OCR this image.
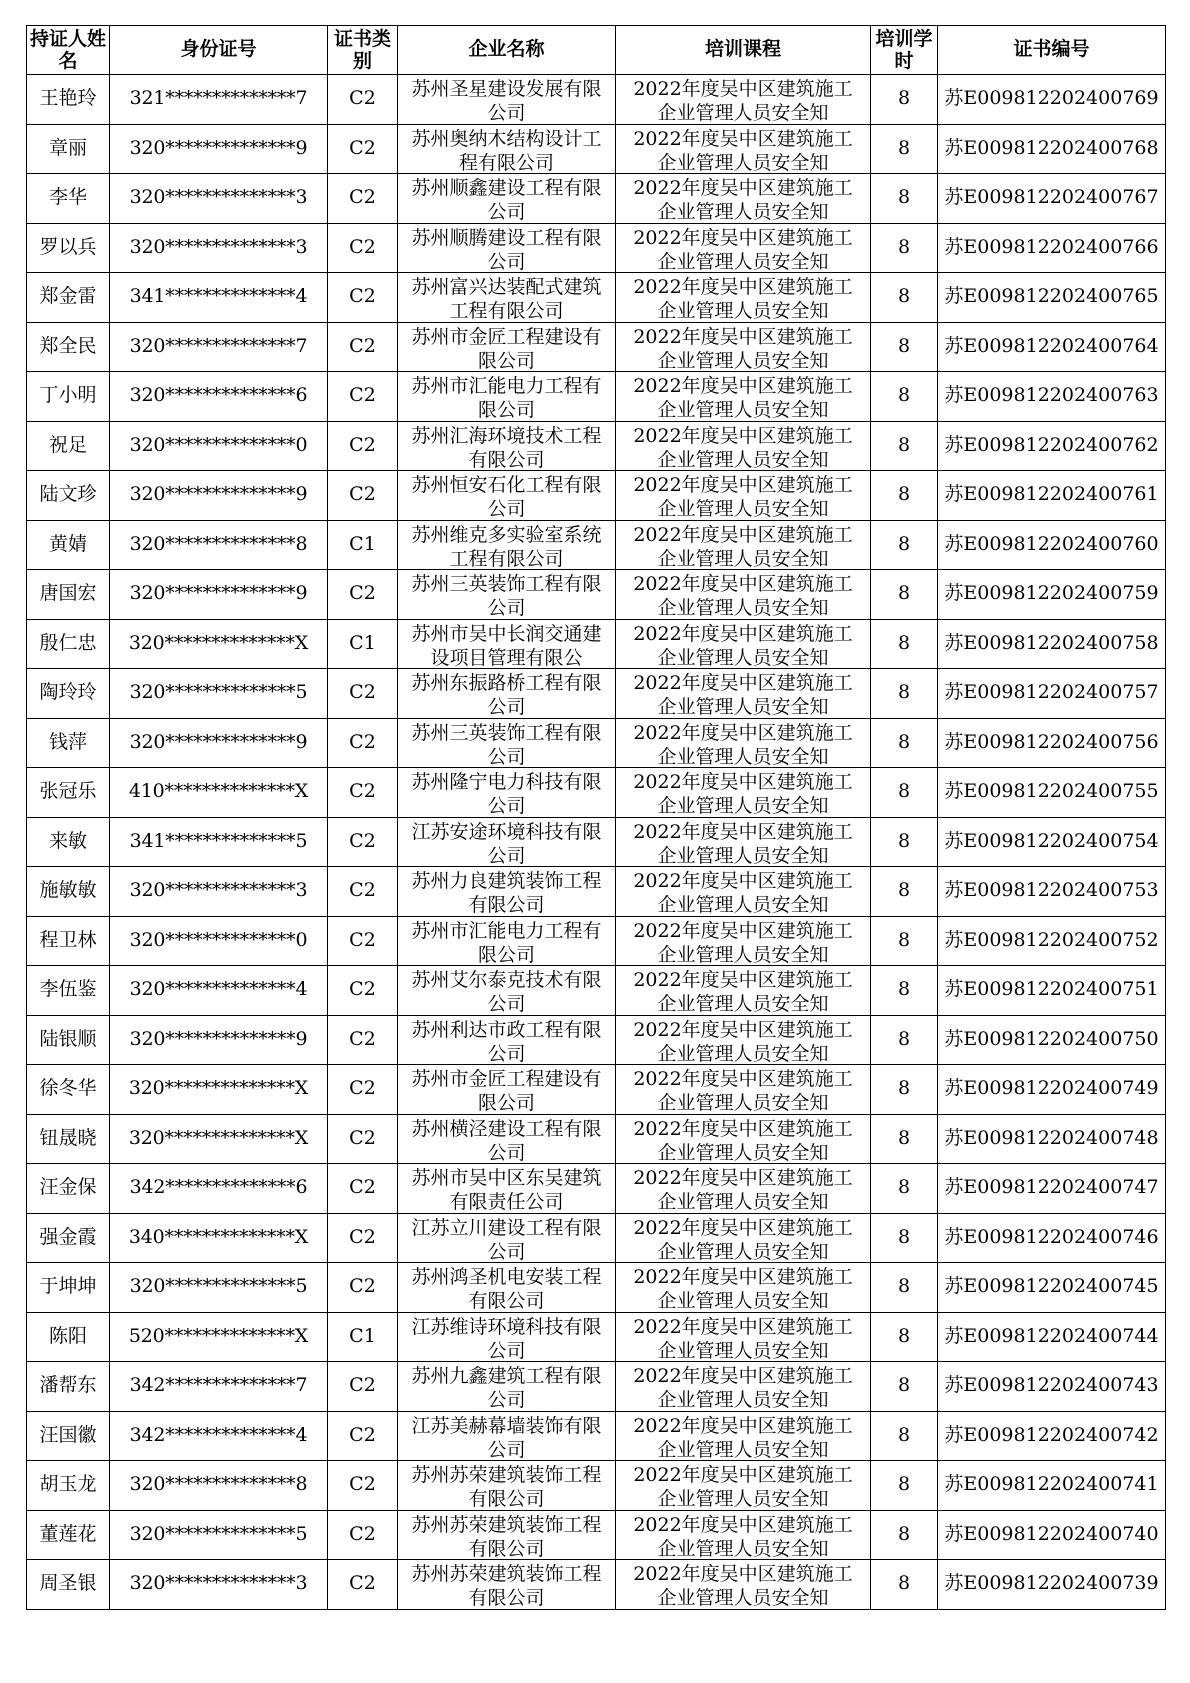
持证人姓名	身份证号	证书类别	企业名称	培训课程	培训学时	证书编号
王艳玲	321**************7	C2	苏州圣星建设发展有限公司	2022年度吴中区建筑施工企业管理人员安全知	8	苏E009812202400769
章丽	320**************9	C2	苏州奥纳木结构设计工程有限公司	2022年度吴中区建筑施工企业管理人员安全知	8	苏E009812202400768
李华	320**************3	C2	苏州顺鑫建设工程有限公司	2022年度吴中区建筑施工企业管理人员安全知	8	苏E009812202400767
罗以兵	320**************3	C2	苏州顺腾建设工程有限公司	2022年度吴中区建筑施工企业管理人员安全知	8	苏E009812202400766
郑金雷	341**************4	C2	苏州富兴达装配式建筑工程有限公司	2022年度吴中区建筑施工企业管理人员安全知	8	苏E009812202400765
郑全民	320**************7	C2	苏州市金匠工程建设有限公司	2022年度吴中区建筑施工企业管理人员安全知	8	苏E009812202400764
丁小明	320**************6	C2	苏州市汇能电力工程有限公司	2022年度吴中区建筑施工企业管理人员安全知	8	苏E009812202400763
祝足	320**************0	C2	苏州汇海环境技术工程有限公司	2022年度吴中区建筑施工企业管理人员安全知	8	苏E009812202400762
陆文珍	320**************9	C2	苏州恒安石化工程有限公司	2022年度吴中区建筑施工企业管理人员安全知	8	苏E009812202400761
黄婧	320**************8	C1	苏州维克多实验室系统工程有限公司	2022年度吴中区建筑施工企业管理人员安全知	8	苏E009812202400760
唐国宏	320**************9	C2	苏州三英装饰工程有限公司	2022年度吴中区建筑施工企业管理人员安全知	8	苏E009812202400759
殷仁忠	320**************X	C1	苏州市吴中长润交通建设项目管理有限公	2022年度吴中区建筑施工企业管理人员安全知	8	苏E009812202400758
陶玲玲	320**************5	C2	苏州东振路桥工程有限公司	2022年度吴中区建筑施工企业管理人员安全知	8	苏E009812202400757
钱萍	320**************9	C2	苏州三英装饰工程有限公司	2022年度吴中区建筑施工企业管理人员安全知	8	苏E009812202400756
张冠乐	410**************X	C2	苏州隆宁电力科技有限公司	2022年度吴中区建筑施工企业管理人员安全知	8	苏E009812202400755
来敏	341**************5	C2	江苏安途环境科技有限公司	2022年度吴中区建筑施工企业管理人员安全知	8	苏E009812202400754
施敏敏	320**************3	C2	苏州力良建筑装饰工程有限公司	2022年度吴中区建筑施工企业管理人员安全知	8	苏E009812202400753
程卫林	320**************0	C2	苏州市汇能电力工程有限公司	2022年度吴中区建筑施工企业管理人员安全知	8	苏E009812202400752
李伍鉴	320**************4	C2	苏州艾尔泰克技术有限公司	2022年度吴中区建筑施工企业管理人员安全知	8	苏E009812202400751
陆银顺	320**************9	C2	苏州利达市政工程有限公司	2022年度吴中区建筑施工企业管理人员安全知	8	苏E009812202400750
徐冬华	320**************X	C2	苏州市金匠工程建设有限公司	2022年度吴中区建筑施工企业管理人员安全知	8	苏E009812202400749
钮晟晓	320**************X	C2	苏州横泾建设工程有限公司	2022年度吴中区建筑施工企业管理人员安全知	8	苏E009812202400748
汪金保	342**************6	C2	苏州市吴中区东吴建筑有限责任公司	2022年度吴中区建筑施工企业管理人员安全知	8	苏E009812202400747
强金霞	340**************X	C2	江苏立川建设工程有限公司	2022年度吴中区建筑施工企业管理人员安全知	8	苏E009812202400746
于坤坤	320**************5	C2	苏州鸿圣机电安装工程有限公司	2022年度吴中区建筑施工企业管理人员安全知	8	苏E009812202400745
陈阳	520**************X	C1	江苏维诗环境科技有限公司	2022年度吴中区建筑施工企业管理人员安全知	8	苏E009812202400744
潘帮东	342**************7	C2	苏州九鑫建筑工程有限公司	2022年度吴中区建筑施工企业管理人员安全知	8	苏E009812202400743
汪国徽	342**************4	C2	江苏美赫幕墙装饰有限公司	2022年度吴中区建筑施工企业管理人员安全知	8	苏E009812202400742
胡玉龙	320**************8	C2	苏州苏荣建筑装饰工程有限公司	2022年度吴中区建筑施工企业管理人员安全知	8	苏E009812202400741
董莲花	320**************5	C2	苏州苏荣建筑装饰工程有限公司	2022年度吴中区建筑施工企业管理人员安全知	8	苏E009812202400740
周圣银	320**************3	C2	苏州苏荣建筑装饰工程有限公司	2022年度吴中区建筑施工企业管理人员安全知	8	苏E009812202400739
